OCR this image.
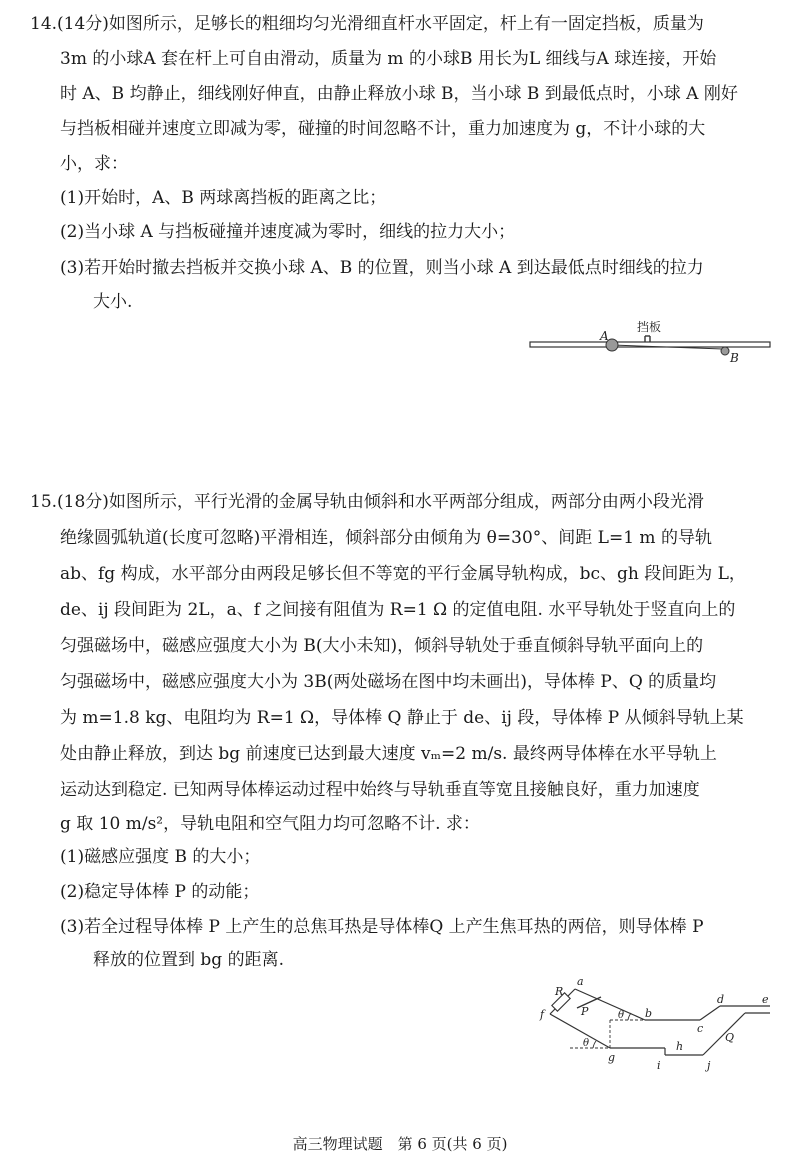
14.(14分)如图所示，足够长的粗细均匀光滑细直杆水平固定，杆上有一固定挡板，质量为
3m 的小球A 套在杆上可自由滑动，质量为 m 的小球B 用长为L 细线与A 球连接，开始
时 A、B 均静止，细线刚好伸直，由静止释放小球 B，当小球 B 到最低点时，小球 A 刚好
与挡板相碰并速度立即减为零，碰撞的时间忽略不计，重力加速度为 g，不计小球的大
小，求：
(1)开始时，A、B 两球离挡板的距离之比；
(2)当小球 A 与挡板碰撞并速度减为零时，细线的拉力大小；
(3)若开始时撤去挡板并交换小球 A、B 的位置，则当小球 A 到达最低点时细线的拉力
大小.
A
B
挡板
15.(18分)如图所示，平行光滑的金属导轨由倾斜和水平两部分组成，两部分由两小段光滑
绝缘圆弧轨道(长度可忽略)平滑相连，倾斜部分由倾角为 θ=30°、间距 L=1 m 的导轨
ab、fg 构成，水平部分由两段足够长但不等宽的平行金属导轨构成，bc、gh 段间距为 L，
de、ij 段间距为 2L，a、f 之间接有阻值为 R=1 Ω 的定值电阻. 水平导轨处于竖直向上的
匀强磁场中，磁感应强度大小为 B(大小未知)，倾斜导轨处于垂直倾斜导轨平面向上的
匀强磁场中，磁感应强度大小为 3B(两处磁场在图中均未画出)，导体棒 P、Q 的质量均
为 m=1.8 kg、电阻均为 R=1 Ω，导体棒 Q 静止于 de、ij 段，导体棒 P 从倾斜导轨上某
处由静止释放，到达 bg 前速度已达到最大速度 vₘ=2 m/s. 最终两导体棒在水平导轨上
运动达到稳定. 已知两导体棒运动过程中始终与导轨垂直等宽且接触良好，重力加速度
g 取 10 m/s²，导轨电阻和空气阻力均可忽略不计. 求：
(1)磁感应强度 B 的大小；
(2)稳定导体棒 P 的动能；
(3)若全过程导体棒 P 上产生的总焦耳热是导体棒Q 上产生焦耳热的两倍，则导体棒 P
释放的位置到 bg 的距离.
a
b
c
d	e
f
g
h
i	j
R
P
Q
θ
θ
高三物理试题　第 6 页(共 6 页)
